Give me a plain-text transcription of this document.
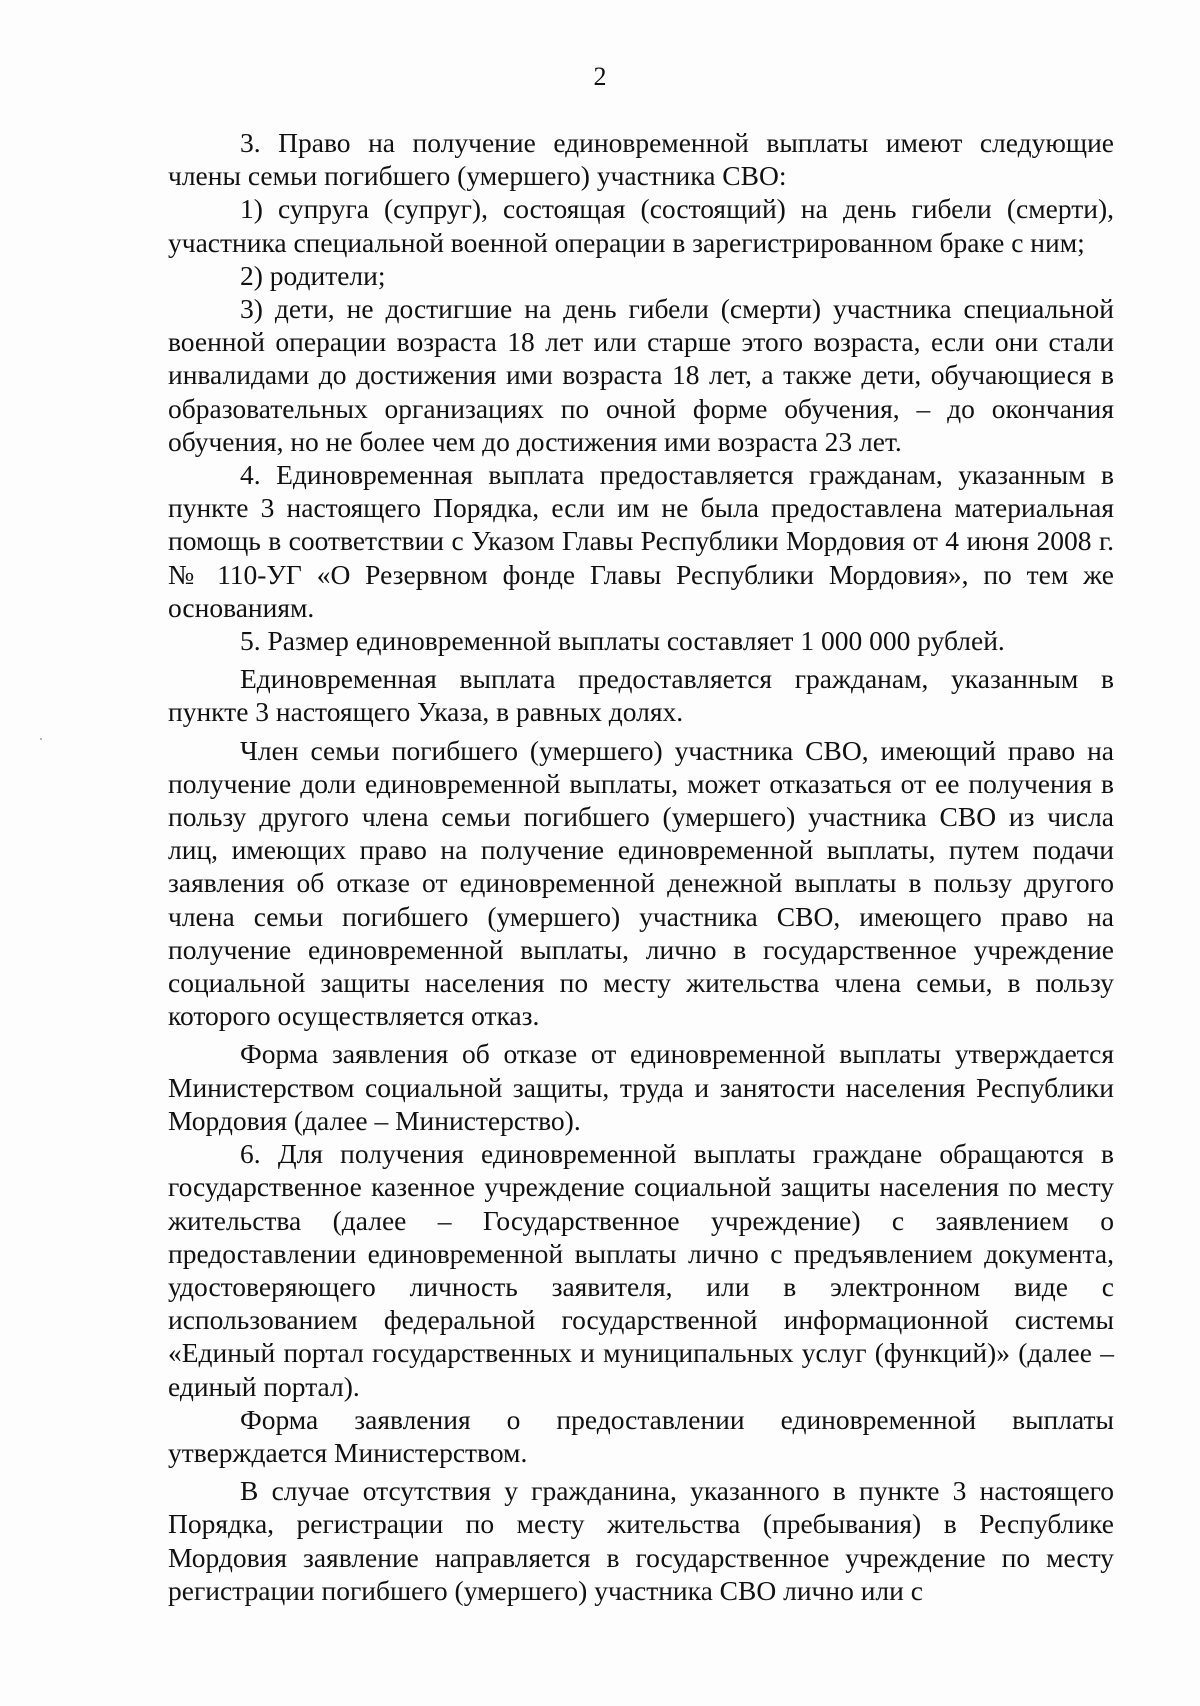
2

3. Право на получение единовременной выплаты имеют следующие члены семьи погибшего (умершего) участника СВО:

1) супруга (супруг), состоящая (состоящий) на день гибели (смерти), участника специальной военной операции в зарегистрированном браке с ним;

2) родители;

3) дети, не достигшие на день гибели (смерти) участника специальной военной операции возраста 18 лет или старше этого возраста, если они стали инвалидами до достижения ими возраста 18 лет, а также дети, обучающиеся в образовательных организациях по очной форме обучения, – до окончания обучения, но не более чем до достижения ими возраста 23 лет.

4. Единовременная выплата предоставляется гражданам, указанным в пункте 3 настоящего Порядка, если им не была предоставлена материальная помощь в соответствии с Указом Главы Республики Мордовия от 4 июня 2008 г. № 110-УГ «О Резервном фонде Главы Республики Мордовия», по тем же основаниям.

5. Размер единовременной выплаты составляет 1 000 000 рублей.

Единовременная выплата предоставляется гражданам, указанным в пункте 3 настоящего Указа, в равных долях.

Член семьи погибшего (умершего) участника СВО, имеющий право на получение доли единовременной выплаты, может отказаться от ее получения в пользу другого члена семьи погибшего (умершего) участника СВО из числа лиц, имеющих право на получение единовременной выплаты, путем подачи заявления об отказе от единовременной денежной выплаты в пользу другого члена семьи погибшего (умершего) участника СВО, имеющего право на получение единовременной выплаты, лично в государственное учреждение социальной защиты населения по месту жительства члена семьи, в пользу которого осуществляется отказ.

Форма заявления об отказе от единовременной выплаты утверждается Министерством социальной защиты, труда и занятости населения Республики Мордовия (далее – Министерство).

6. Для получения единовременной выплаты граждане обращаются в государственное казенное учреждение социальной защиты населения по месту жительства (далее – Государственное учреждение) с заявлением о предоставлении единовременной выплаты лично с предъявлением документа, удостоверяющего личность заявителя, или в электронном виде с использованием федеральной государственной информационной системы «Единый портал государственных и муниципальных услуг (функций)» (далее – единый портал).

Форма заявления о предоставлении единовременной выплаты утверждается Министерством.

В случае отсутствия у гражданина, указанного в пункте 3 настоящего Порядка, регистрации по месту жительства (пребывания) в Республике Мордовия заявление направляется в государственное учреждение по месту регистрации погибшего (умершего) участника СВО лично или с
